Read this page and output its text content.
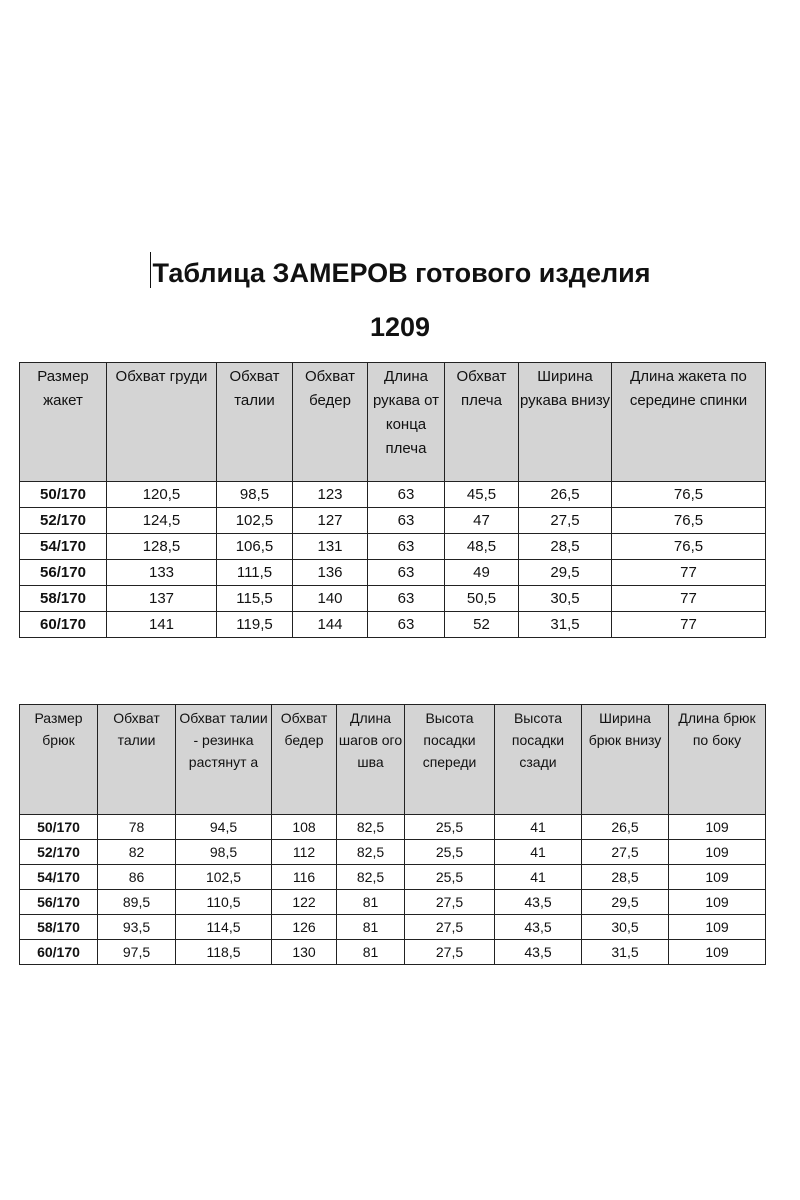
Таблица ЗАМЕРОВ готового изделия
1209
Размер жакет	Обхват груди	Обхват талии	Обхват бедер	Длина рукава от конца плеча	Обхват плеча	Ширина рукава внизу	Длина жакета по середине спинки
50/170	120,5	98,5	123	63	45,5	26,5	76,5
52/170	124,5	102,5	127	63	47	27,5	76,5
54/170	128,5	106,5	131	63	48,5	28,5	76,5
56/170	133	111,5	136	63	49	29,5	77
58/170	137	115,5	140	63	50,5	30,5	77
60/170	141	119,5	144	63	52	31,5	77
Размер брюк	Обхват талии	Обхват талии - резинка растянут а	Обхват бедер	Длина шагов ого шва	Высота посадки спереди	Высота посадки сзади	Ширина брюк внизу	Длина брюк по боку
50/170	78	94,5	108	82,5	25,5	41	26,5	109
52/170	82	98,5	112	82,5	25,5	41	27,5	109
54/170	86	102,5	116	82,5	25,5	41	28,5	109
56/170	89,5	110,5	122	81	27,5	43,5	29,5	109
58/170	93,5	114,5	126	81	27,5	43,5	30,5	109
60/170	97,5	118,5	130	81	27,5	43,5	31,5	109
